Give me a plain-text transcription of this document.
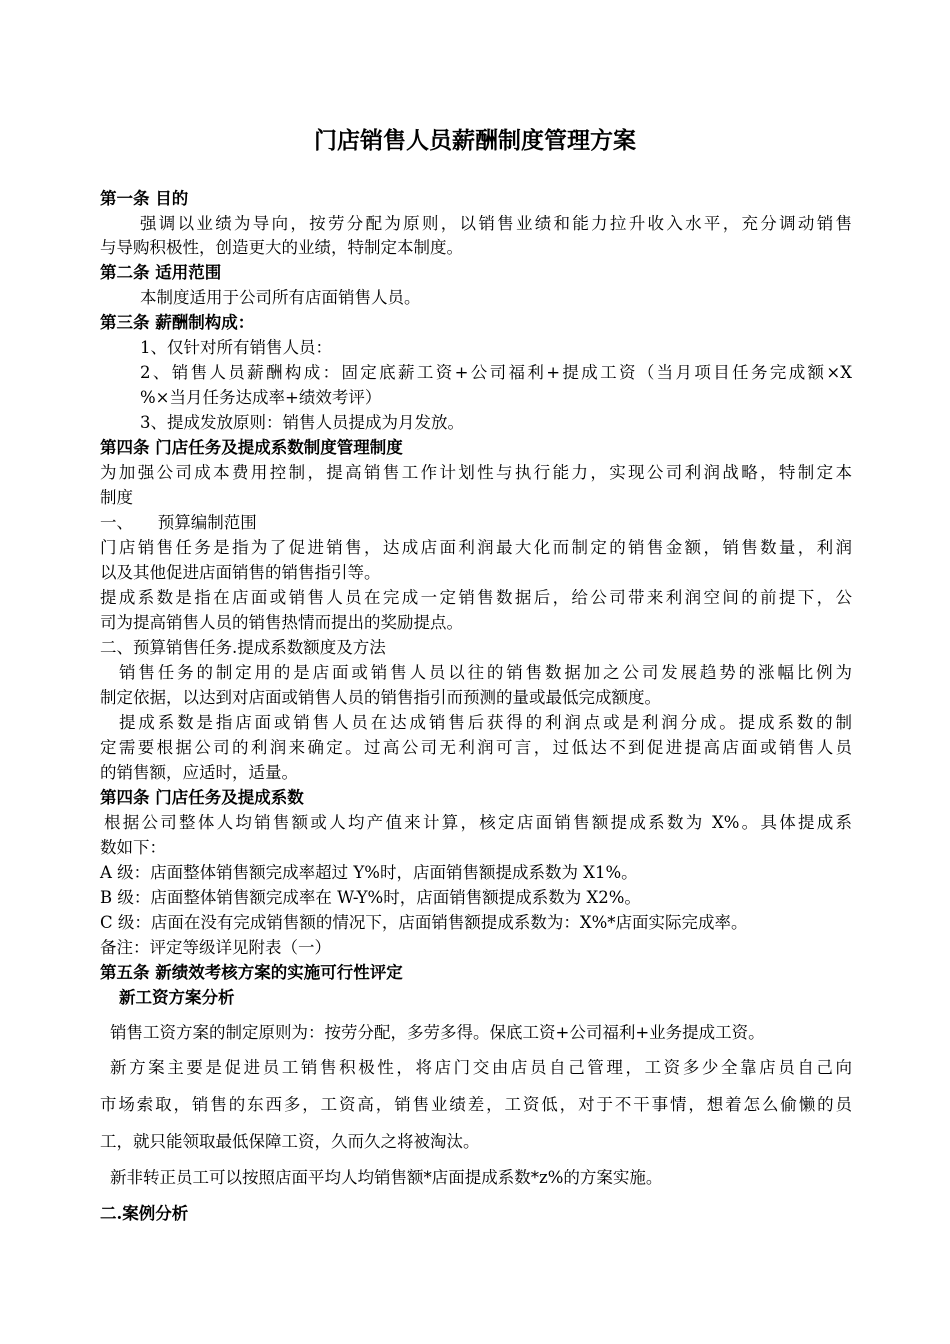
门店销售人员薪酬制度管理方案
第一条 目的
强调以业绩为导向，按劳分配为原则，以销售业绩和能力拉升收入水平，充分调动销售
与导购积极性，创造更大的业绩，特制定本制度。
第二条 适用范围
本制度适用于公司所有店面销售人员。
第三条 薪酬制构成：
1、仅针对所有销售人员：
2、销售人员薪酬构成：固定底薪工资+公司福利+提成工资（当月项目任务完成额×X
%×当月任务达成率+绩效考评）
3、提成发放原则：销售人员提成为月发放。
第四条 门店任务及提成系数制度管理制度
为加强公司成本费用控制，提高销售工作计划性与执行能力，实现公司利润战略，特制定本
制度
一、　　预算编制范围
门店销售任务是指为了促进销售，达成店面利润最大化而制定的销售金额，销售数量，利润
以及其他促进店面销售的销售指引等。
提成系数是指在店面或销售人员在完成一定销售数据后，给公司带来利润空间的前提下，公
司为提高销售人员的销售热情而提出的奖励提点。
二、预算销售任务.提成系数额度及方法
销售任务的制定用的是店面或销售人员以往的销售数据加之公司发展趋势的涨幅比例为
制定依据，以达到对店面或销售人员的销售指引而预测的量或最低完成额度。
提成系数是指店面或销售人员在达成销售后获得的利润点或是利润分成。提成系数的制
定需要根据公司的利润来确定。过高公司无利润可言，过低达不到促进提高店面或销售人员
的销售额，应适时，适量。
第四条 门店任务及提成系数
根据公司整体人均销售额或人均产值来计算，核定店面销售额提成系数为 X%。具体提成系
数如下：
A 级：店面整体销售额完成率超过 Y%时，店面销售额提成系数为 X1%。
B 级：店面整体销售额完成率在 W-Y%时，店面销售额提成系数为 X2%。
C 级：店面在没有完成销售额的情况下，店面销售额提成系数为：X%*店面实际完成率。
备注：评定等级详见附表（一）
第五条 新绩效考核方案的实施可行性评定
新工资方案分析
销售工资方案的制定原则为：按劳分配，多劳多得。保底工资+公司福利+业务提成工资。
新方案主要是促进员工销售积极性，将店门交由店员自己管理，工资多少全靠店员自己向
市场索取，销售的东西多，工资高，销售业绩差，工资低，对于不干事情，想着怎么偷懒的员
工，就只能领取最低保障工资，久而久之将被淘汰。
新非转正员工可以按照店面平均人均销售额*店面提成系数*z%的方案实施。
二.案例分析
